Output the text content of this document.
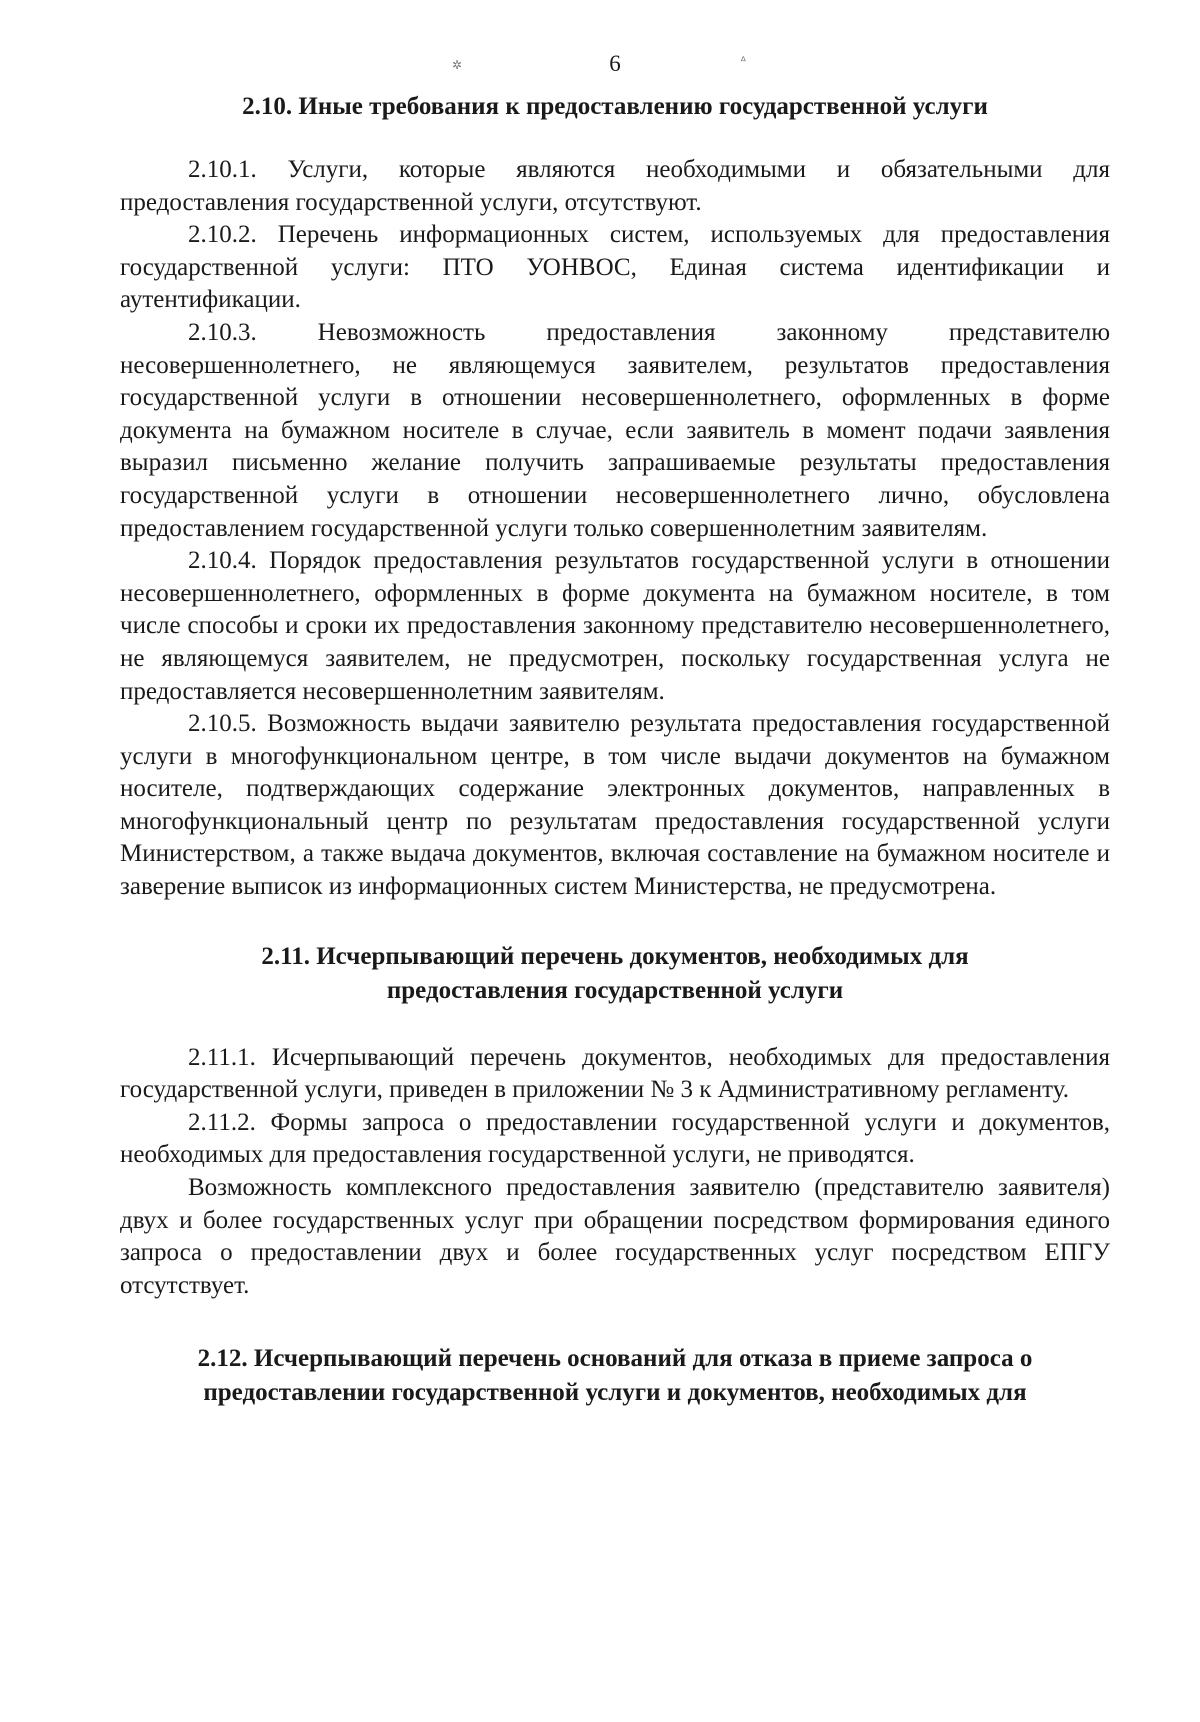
✲	ᐞ
6
2.10. Иные требования к предоставлению государственной услуги

2.10.1. Услуги, которые являются необходимыми и обязательными для предоставления государственной услуги, отсутствуют.

2.10.2. Перечень информационных систем, используемых для предоставления государственной услуги: ПТО УОНВОС, Единая система идентификации и аутентификации.

2.10.3. Невозможность предоставления законному представителю несовершеннолетнего, не являющемуся заявителем, результатов предоставления государственной услуги в отношении несовершеннолетнего, оформленных в форме документа на бумажном носителе в случае, если заявитель в момент подачи заявления выразил письменно желание получить запрашиваемые результаты предоставления государственной услуги в отношении несовершеннолетнего лично, обусловлена предоставлением государственной услуги только совершеннолетним заявителям.

2.10.4. Порядок предоставления результатов государственной услуги в отношении несовершеннолетнего, оформленных в форме документа на бумажном носителе, в том числе способы и сроки их предоставления законному представителю несовершеннолетнего, не являющемуся заявителем, не предусмотрен, поскольку государственная услуга не предоставляется несовершеннолетним заявителям.

2.10.5. Возможность выдачи заявителю результата предоставления государственной услуги в многофункциональном центре, в том числе выдачи документов на бумажном носителе, подтверждающих содержание электронных документов, направленных в многофункциональный центр по результатам предоставления государственной услуги Министерством, а также выдача документов, включая составление на бумажном носителе и заверение выписок из информационных систем Министерства, не предусмотрена.

2.11. Исчерпывающий перечень документов, необходимых для
предоставления государственной услуги

2.11.1. Исчерпывающий перечень документов, необходимых для предоставления государственной услуги, приведен в приложении № 3 к Административному регламенту.

2.11.2. Формы запроса о предоставлении государственной услуги и документов, необходимых для предоставления государственной услуги, не приводятся.

Возможность комплексного предоставления заявителю (представителю заявителя) двух и более государственных услуг при обращении посредством формирования единого запроса о предоставлении двух и более государственных услуг посредством ЕПГУ отсутствует.

2.12. Исчерпывающий перечень оснований для отказа в приеме запроса о
предоставлении государственной услуги и документов, необходимых для
